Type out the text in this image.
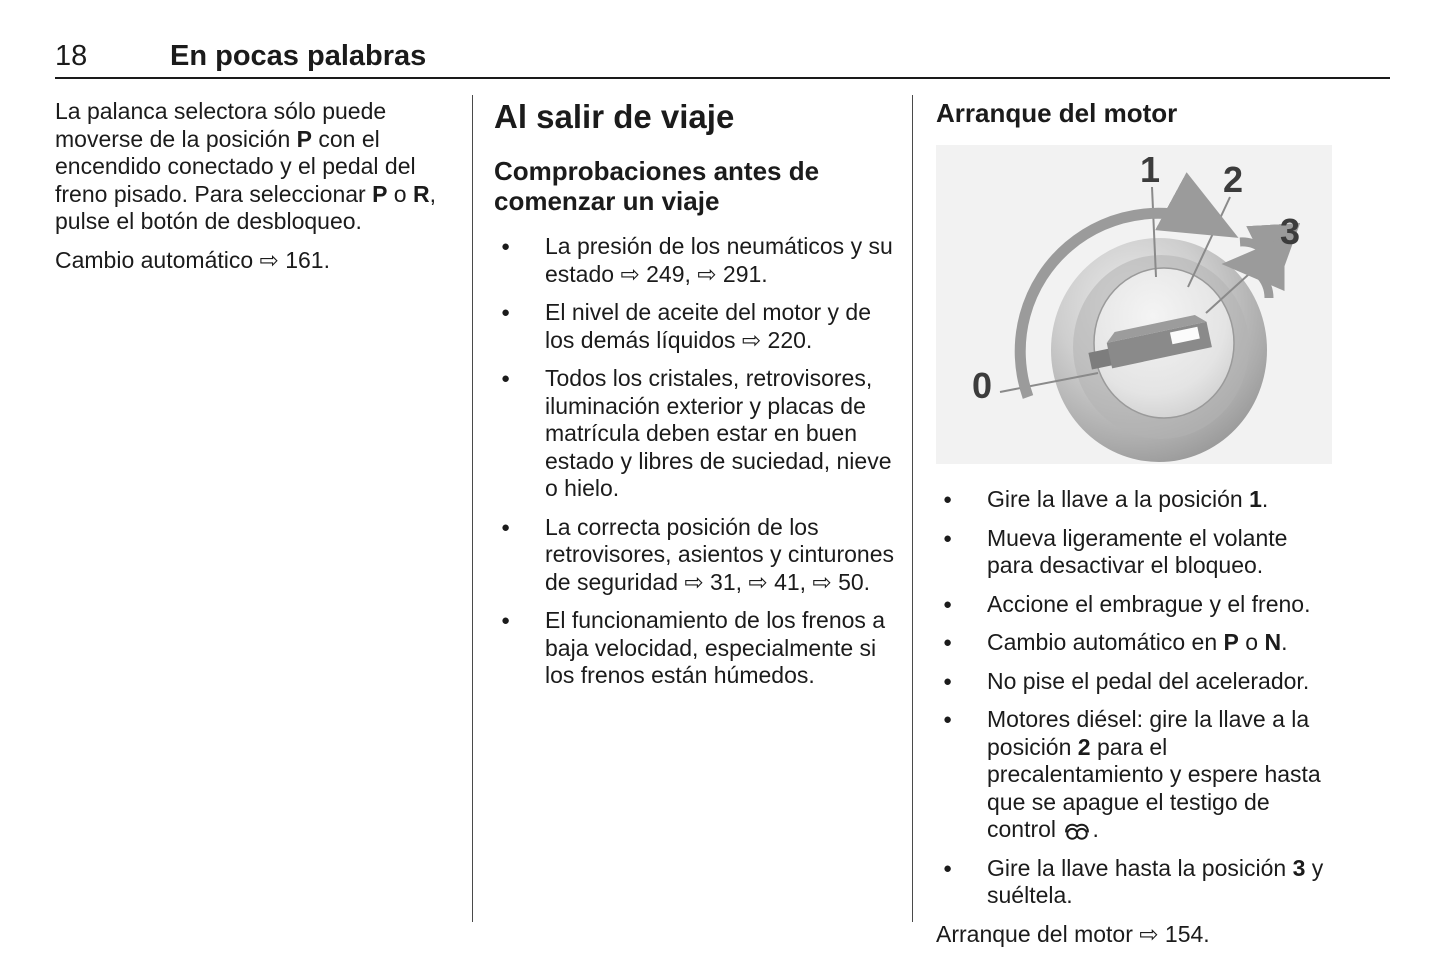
18	En pocas palabras

La palanca selectora sólo puede moverse de la posición P con el encendido conectado y el pedal del freno pisado. Para seleccionar P o R, pulse el botón de desbloqueo.

Cambio automático ⇨ 161.

Al salir de viaje
Comprobaciones antes de comenzar un viaje
●	La presión de los neumáticos y su estado ⇨ 249, ⇨ 291.
●	El nivel de aceite del motor y de los demás líquidos ⇨ 220.
●	Todos los cristales, retrovisores, iluminación exterior y placas de matrícula deben estar en buen estado y libres de suciedad, nieve o hielo.
●	La correcta posición de los retrovisores, asientos y cinturones de seguridad ⇨ 31, ⇨ 41, ⇨ 50.
●	El funcionamiento de los frenos a baja velocidad, especialmente si los frenos están húmedos.
Arranque del motor
0
1 2
3
●	Gire la llave a la posición 1.
●	Mueva ligeramente el volante para desactivar el bloqueo.
●	Accione el embrague y el freno.
●	Cambio automático en P o N.
●	No pise el pedal del acelerador.
●	Motores diésel: gire la llave a la posición 2 para el precalentamiento y espere hasta que se apague el testigo de control .
●	Gire la llave hasta la posición 3 y suéltela.

Arranque del motor ⇨ 154.
